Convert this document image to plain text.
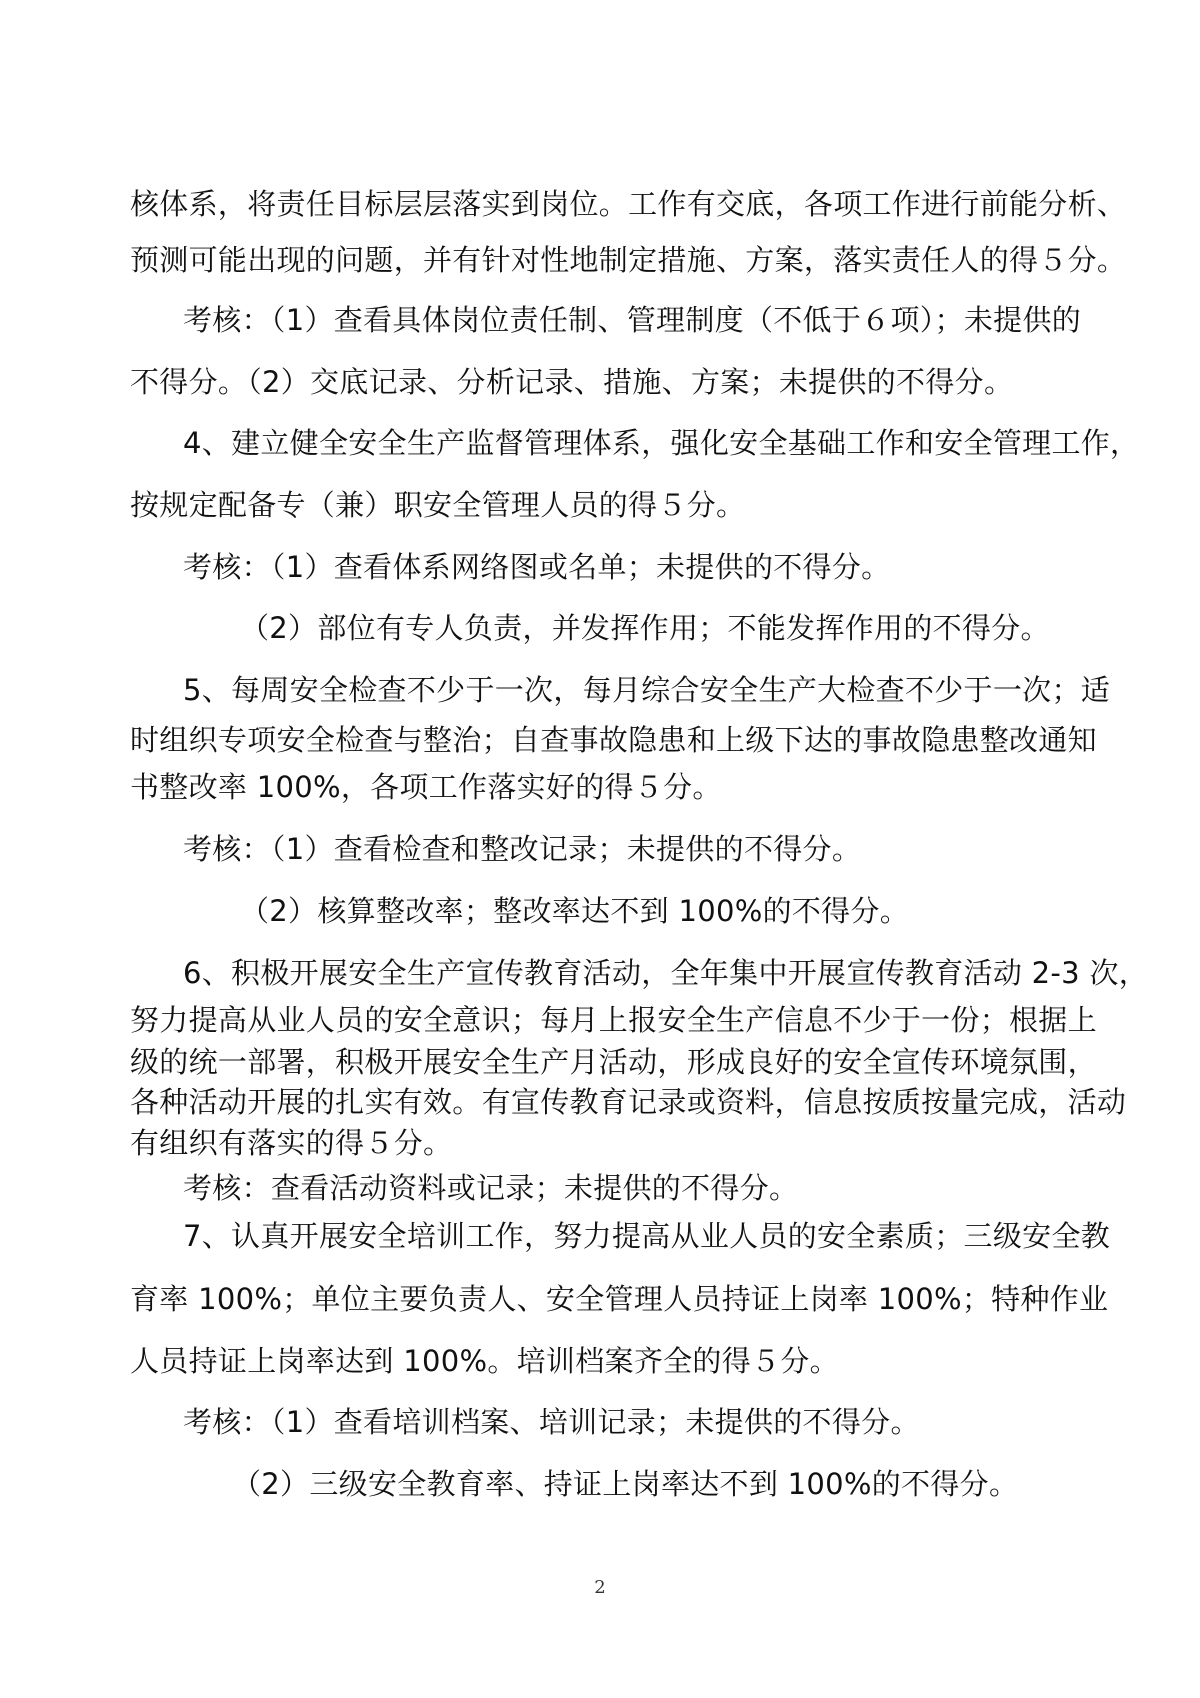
核体系，将责任目标层层落实到岗位。工作有交底，各项工作进行前能分析、
预测可能出现的问题，并有针对性地制定措施、方案，落实责任人的得５分。
考核：（1）查看具体岗位责任制、管理制度（不低于６项）；未提供的
不得分。（2）交底记录、分析记录、措施、方案；未提供的不得分。
4、建立健全安全生产监督管理体系，强化安全基础工作和安全管理工作，
按规定配备专（兼）职安全管理人员的得５分。
考核：（1）查看体系网络图或名单；未提供的不得分。
（2）部位有专人负责，并发挥作用；不能发挥作用的不得分。
5、每周安全检查不少于一次，每月综合安全生产大检查不少于一次；适
时组织专项安全检查与整治；自查事故隐患和上级下达的事故隐患整改通知
书整改率 100%，各项工作落实好的得５分。
考核：（1）查看检查和整改记录；未提供的不得分。
（2）核算整改率；整改率达不到 100%的不得分。
6、积极开展安全生产宣传教育活动，全年集中开展宣传教育活动 2-3 次，
努力提高从业人员的安全意识；每月上报安全生产信息不少于一份；根据上
级的统一部署，积极开展安全生产月活动，形成良好的安全宣传环境氛围，
各种活动开展的扎实有效。有宣传教育记录或资料，信息按质按量完成，活动
有组织有落实的得５分。
考核：查看活动资料或记录；未提供的不得分。
7、认真开展安全培训工作，努力提高从业人员的安全素质；三级安全教
育率 100%；单位主要负责人、安全管理人员持证上岗率 100%；特种作业
人员持证上岗率达到 100%。培训档案齐全的得５分。
考核：（1）查看培训档案、培训记录；未提供的不得分。
（2）三级安全教育率、持证上岗率达不到 100%的不得分。
2
